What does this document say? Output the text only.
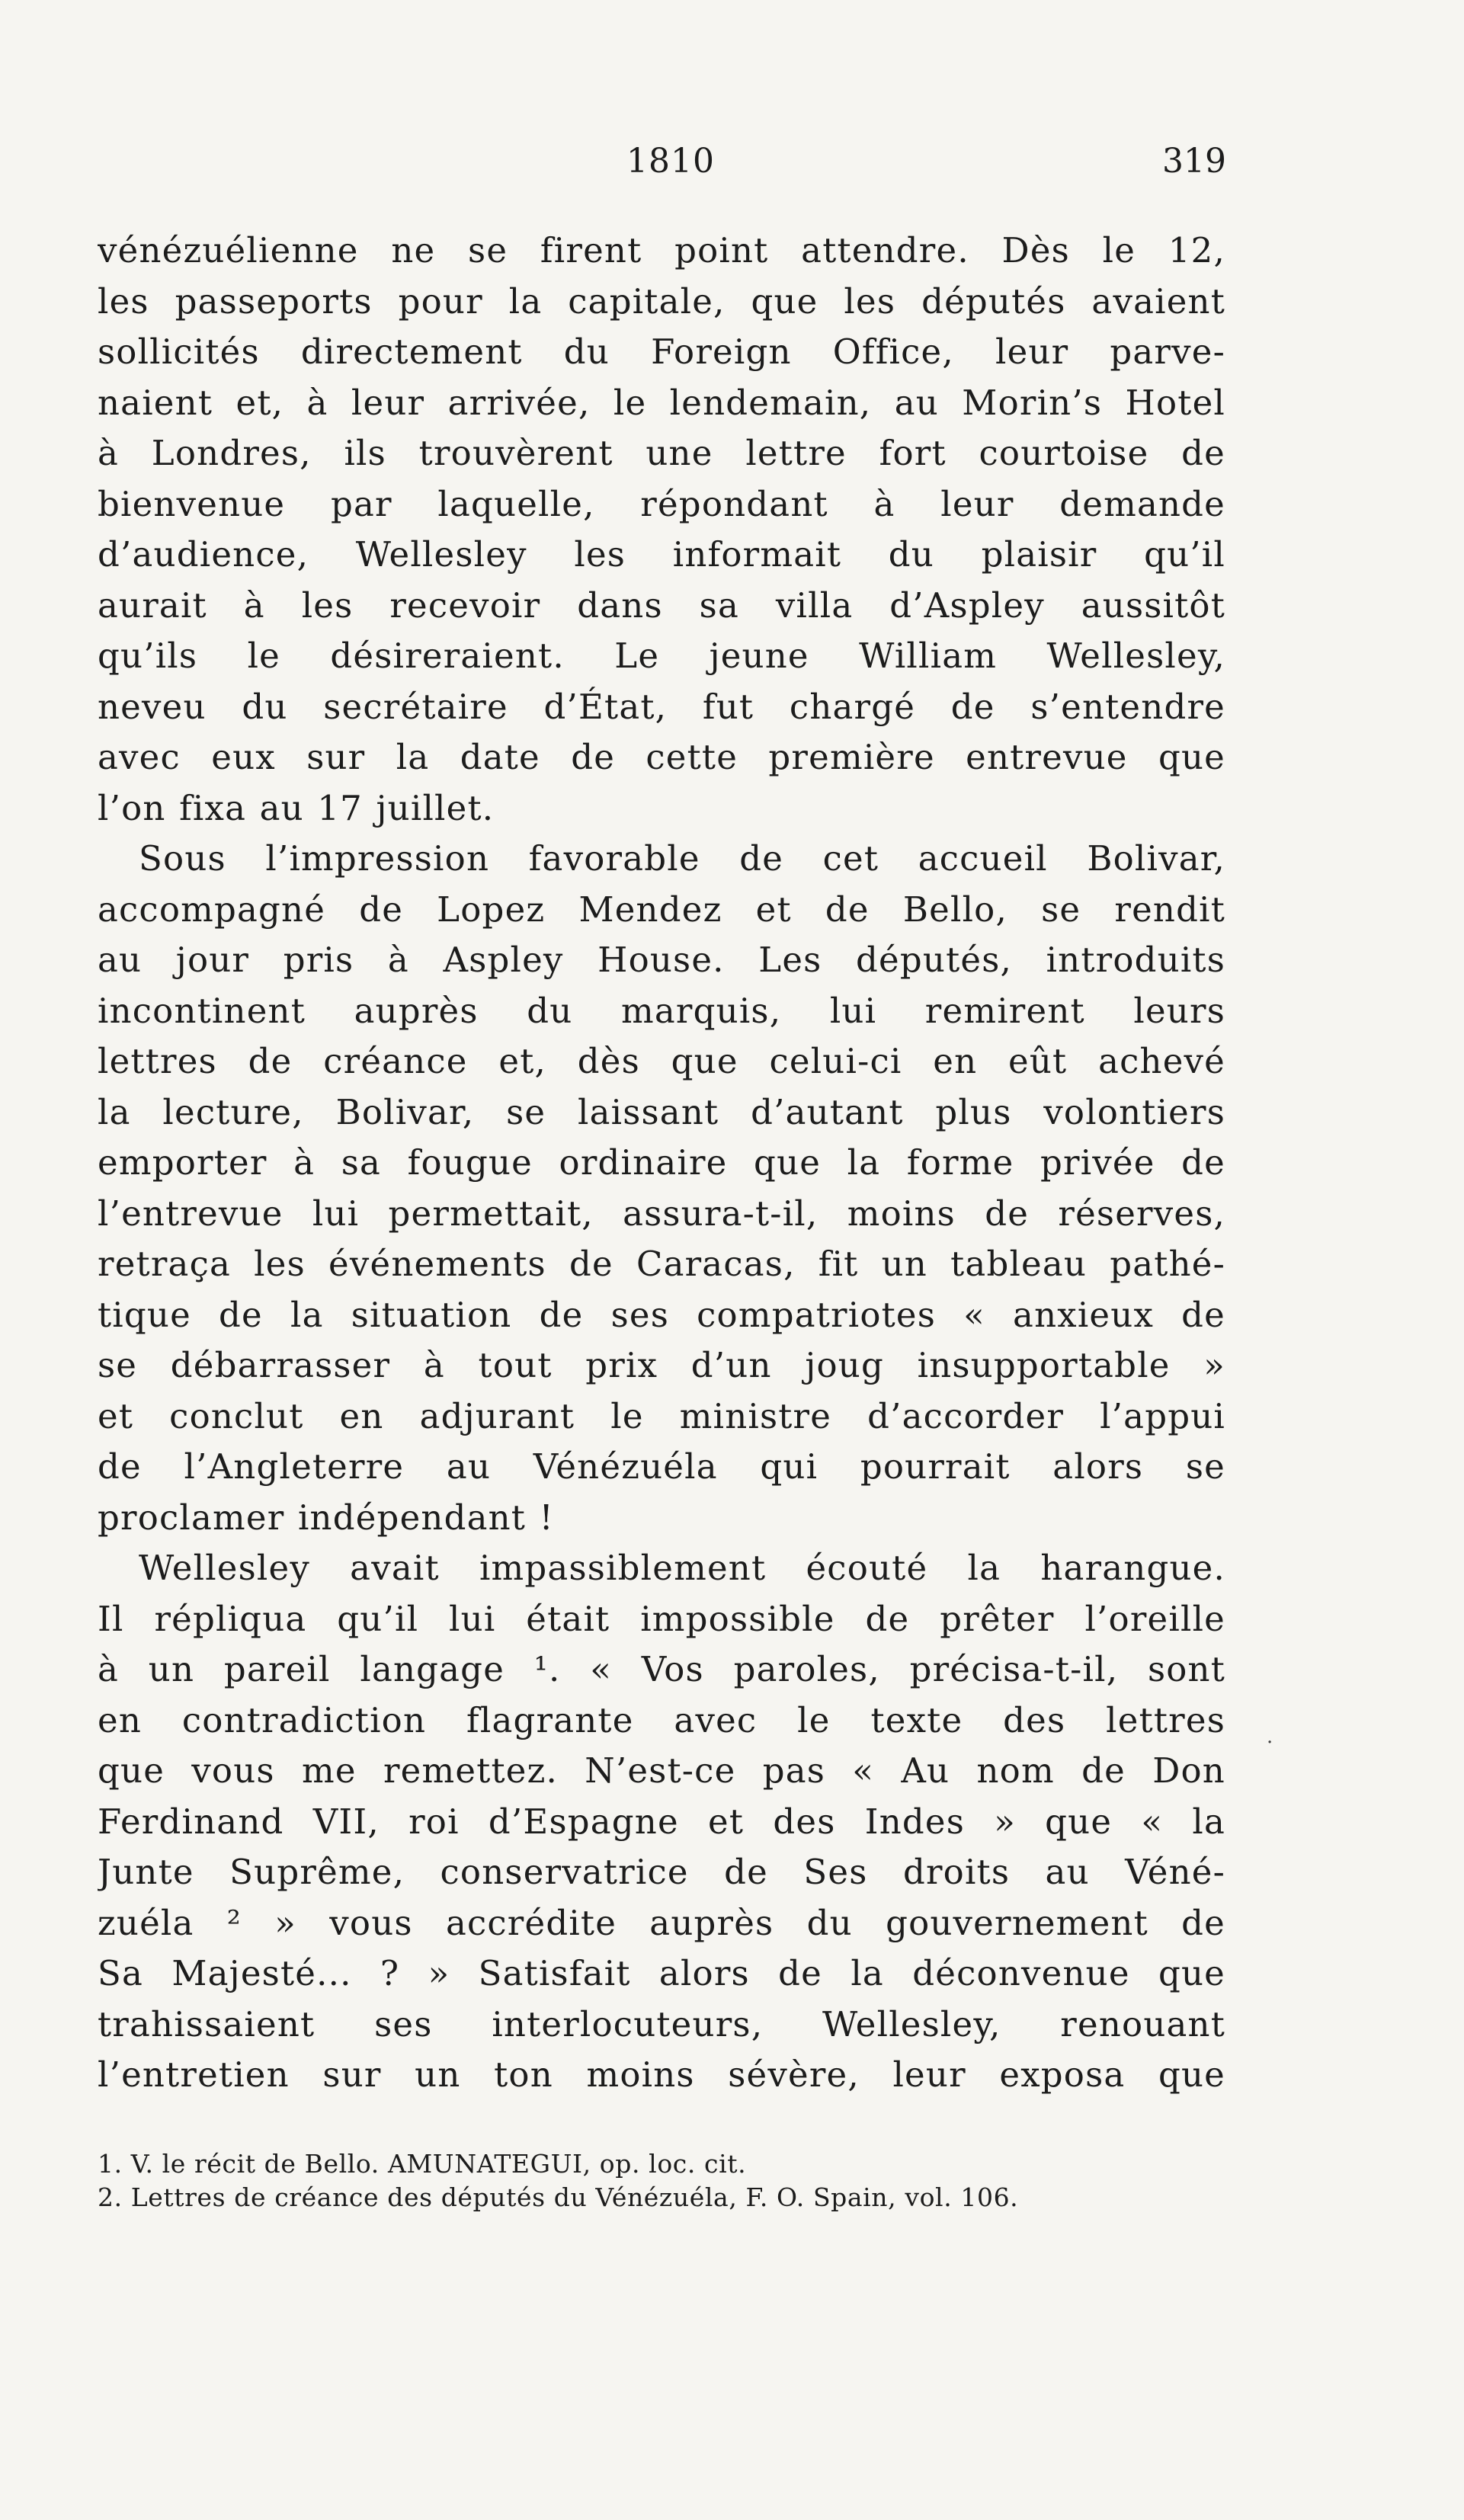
1810	319
vénézuélienne ne se firent point attendre. Dès le 12,
les passeports pour la capitale, que les députés avaient
sollicités directement du Foreign Office, leur parve-
naient et, à leur arrivée, le lendemain, au Morin’s Hotel
à Londres, ils trouvèrent une lettre fort courtoise de
bienvenue par laquelle, répondant à leur demande
d’audience, Wellesley les informait du plaisir qu’il
aurait à les recevoir dans sa villa d’Aspley aussitôt
qu’ils le désireraient. Le jeune William Wellesley,
neveu du secrétaire d’État, fut chargé de s’entendre
avec eux sur la date de cette première entrevue que
l’on fixa au 17 juillet.
Sous l’impression favorable de cet accueil Bolivar,
accompagné de Lopez Mendez et de Bello, se rendit
au jour pris à Aspley House. Les députés, introduits
incontinent auprès du marquis, lui remirent leurs
lettres de créance et, dès que celui-ci en eût achevé
la lecture, Bolivar, se laissant d’autant plus volontiers
emporter à sa fougue ordinaire que la forme privée de
l’entrevue lui permettait, assura-t-il, moins de réserves,
retraça les événements de Caracas, fit un tableau pathé-
tique de la situation de ses compatriotes « anxieux de
se débarrasser à tout prix d’un joug insupportable »
et conclut en adjurant le ministre d’accorder l’appui
de l’Angleterre au Vénézuéla qui pourrait alors se
proclamer indépendant !
Wellesley avait impassiblement écouté la harangue.
Il répliqua qu’il lui était impossible de prêter l’oreille
à un pareil langage ¹. « Vos paroles, précisa-t-il, sont
en contradiction flagrante avec le texte des lettres
que vous me remettez. N’est-ce pas « Au nom de Don
Ferdinand VII, roi d’Espagne et des Indes » que « la
Junte Suprême, conservatrice de Ses droits au Véné-
zuéla ² » vous accrédite auprès du gouvernement de
Sa Majesté... ? » Satisfait alors de la déconvenue que
trahissaient ses interlocuteurs, Wellesley, renouant
l’entretien sur un ton moins sévère, leur exposa que
·
1. V. le récit de Bello. AMUNATEGUI, op. loc. cit.
2. Lettres de créance des députés du Vénézuéla, F. O. Spain, vol. 106.
